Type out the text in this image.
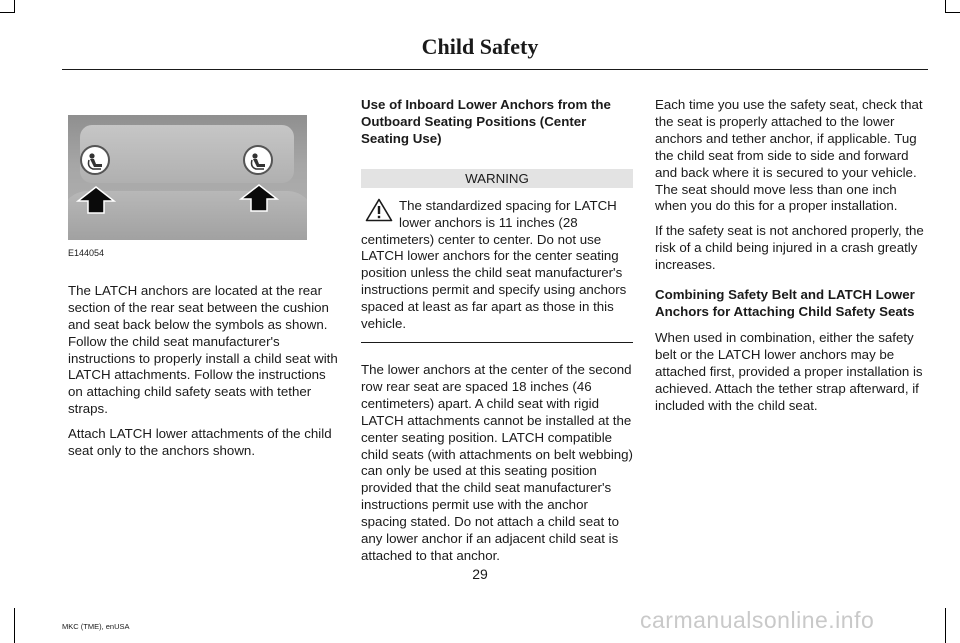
Child Safety
E144054

The LATCH anchors are located at the rear section of the rear seat between the cushion and seat back below the symbols as shown. Follow the child seat manufacturer's instructions to properly install a child seat with LATCH attachments. Follow the instructions on attaching child safety seats with tether straps.

Attach LATCH lower attachments of the child seat only to the anchors shown.

Use of Inboard Lower Anchors from the Outboard Seating Positions (Center Seating Use)
WARNING
The standardized spacing for LATCH lower anchors is 11 inches (28 centimeters) center to center. Do not use LATCH lower anchors for the center seating position unless the child seat manufacturer's instructions permit and specify using anchors spaced at least as far apart as those in this vehicle.

The lower anchors at the center of the second row rear seat are spaced 18 inches (46 centimeters) apart. A child seat with rigid LATCH attachments cannot be installed at the center seating position. LATCH compatible child seats (with attachments on belt webbing) can only be used at this seating position provided that the child seat manufacturer's instructions permit use with the anchor spacing stated. Do not attach a child seat to any lower anchor if an adjacent child seat is attached to that anchor.

Each time you use the safety seat, check that the seat is properly attached to the lower anchors and tether anchor, if applicable. Tug the child seat from side to side and forward and back where it is secured to your vehicle. The seat should move less than one inch when you do this for a proper installation.

If the safety seat is not anchored properly, the risk of a child being injured in a crash greatly increases.

Combining Safety Belt and LATCH Lower Anchors for Attaching Child Safety Seats

When used in combination, either the safety belt or the LATCH lower anchors may be attached first, provided a proper installation is achieved. Attach the tether strap afterward, if included with the child seat.

29
MKC (TME), enUSA	carmanualsonline.info
